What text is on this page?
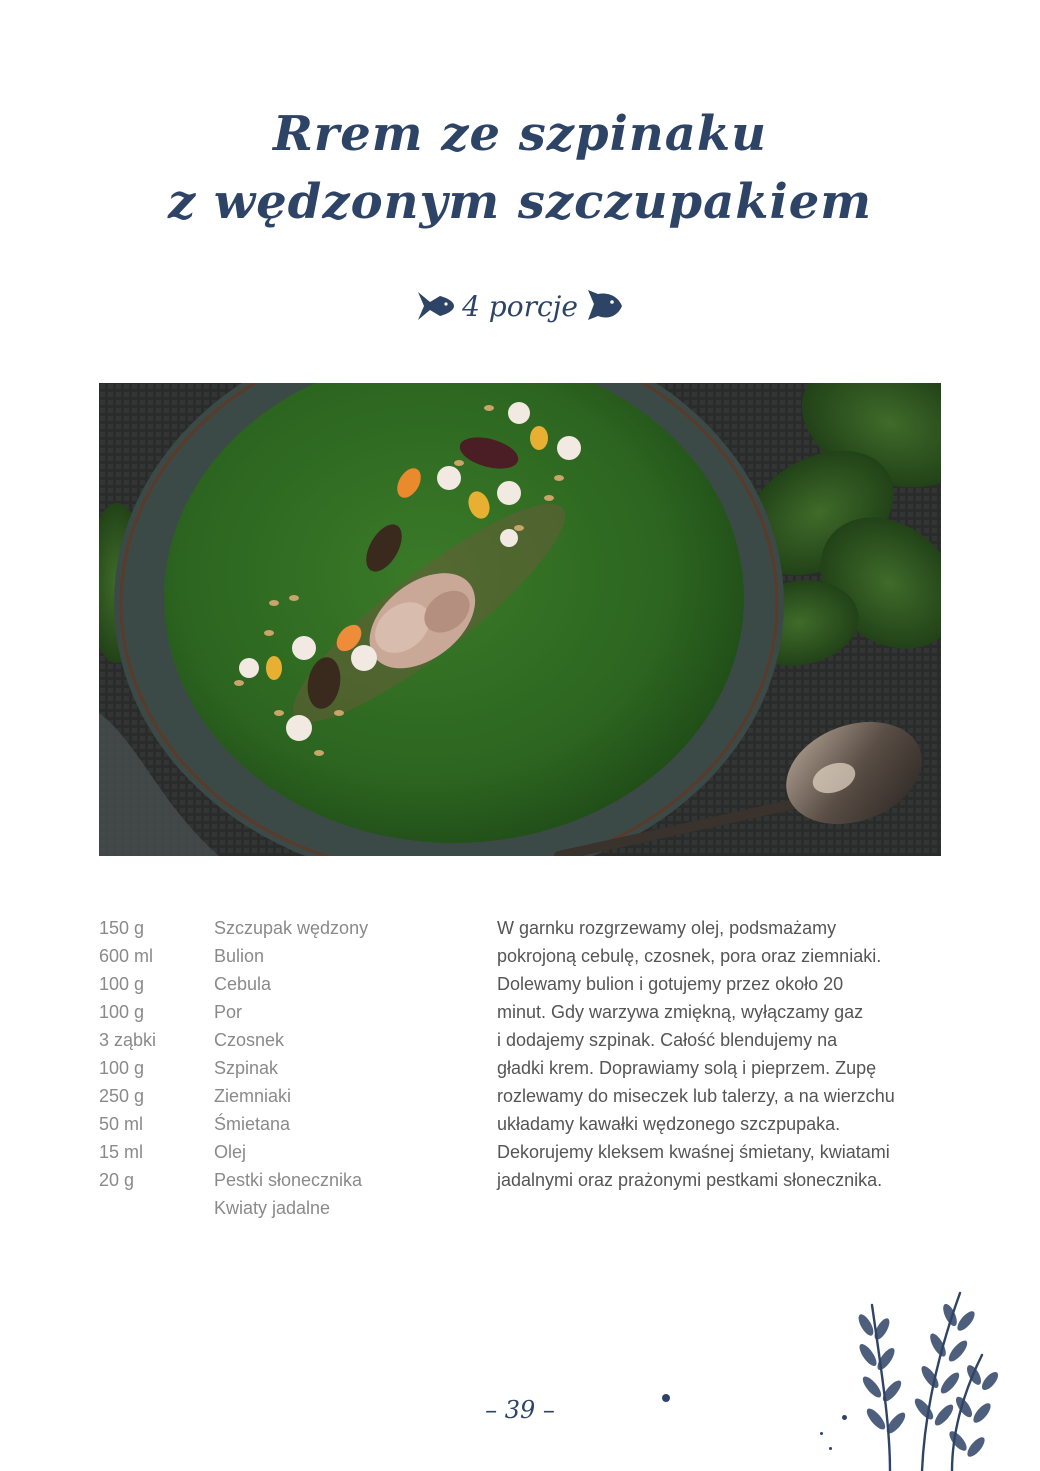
Rrem ze szpinaku
z wędzonym szczupakiem
4 porcje
150 g	Szczupak wędzony
600 ml	Bulion
100 g	Cebula
100 g	Por
3 ząbki	Czosnek
100 g	Szpinak
250 g	Ziemniaki
50 ml	Śmietana
15 ml	Olej
20 g	Pestki słonecznika
Kwiaty jadalne
W garnku rozgrzewamy olej, podsmażamy
pokrojoną cebulę, czosnek, pora oraz ziemniaki.
Dolewamy bulion i gotujemy przez około 20
minut. Gdy warzywa zmiękną, wyłączamy gaz
i dodajemy szpinak. Całość blendujemy na
gładki krem. Doprawiamy solą i pieprzem. Zupę
rozlewamy do miseczek lub talerzy, a na wierzchu
układamy kawałki wędzonego szczpupaka.
Dekorujemy kleksem kwaśnej śmietany, kwiatami
jadalnymi oraz prażonymi pestkami słonecznika.
– 39 –
